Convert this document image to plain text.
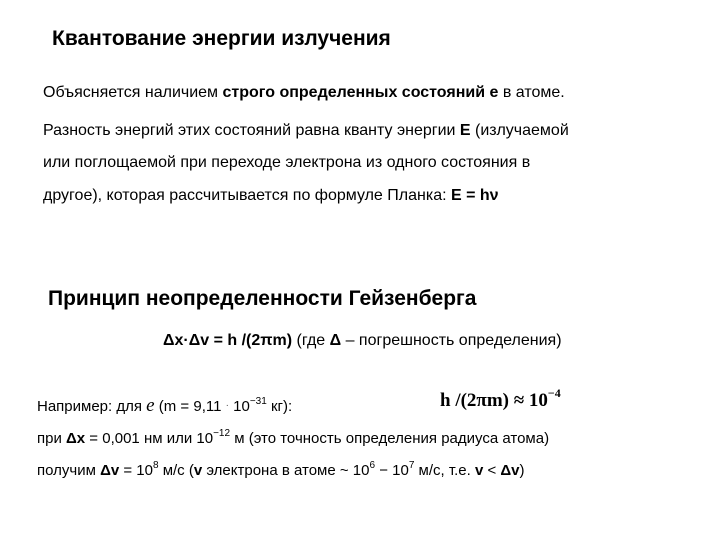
Квантование энергии излучения
Объясняется наличием строго определенных состояний е в атоме.
Разность энергий этих состояний равна кванту энергии Е (излучаемой
или поглощаемой при переходе электрона из одного состояния в
другое), которая рассчитывается по формуле Планка: E = hν
Принцип неопределенности Гейзенберга
Δx·Δv = h /(2πm) (где Δ – погрешность определения)
Например: для е (m = 9,11 · $10^{-31}$ кг):	h $/(2\pi m) \approx 10^{-4}$
при Δx = 0,001 нм или $10^{-12}$ м (это точность определения радиуса атома)
получим $\Delta v = 10^8$ м/с (v электрона в атоме ~ $10^6 - 10^7$ м/с, т.е. v < Δv)
